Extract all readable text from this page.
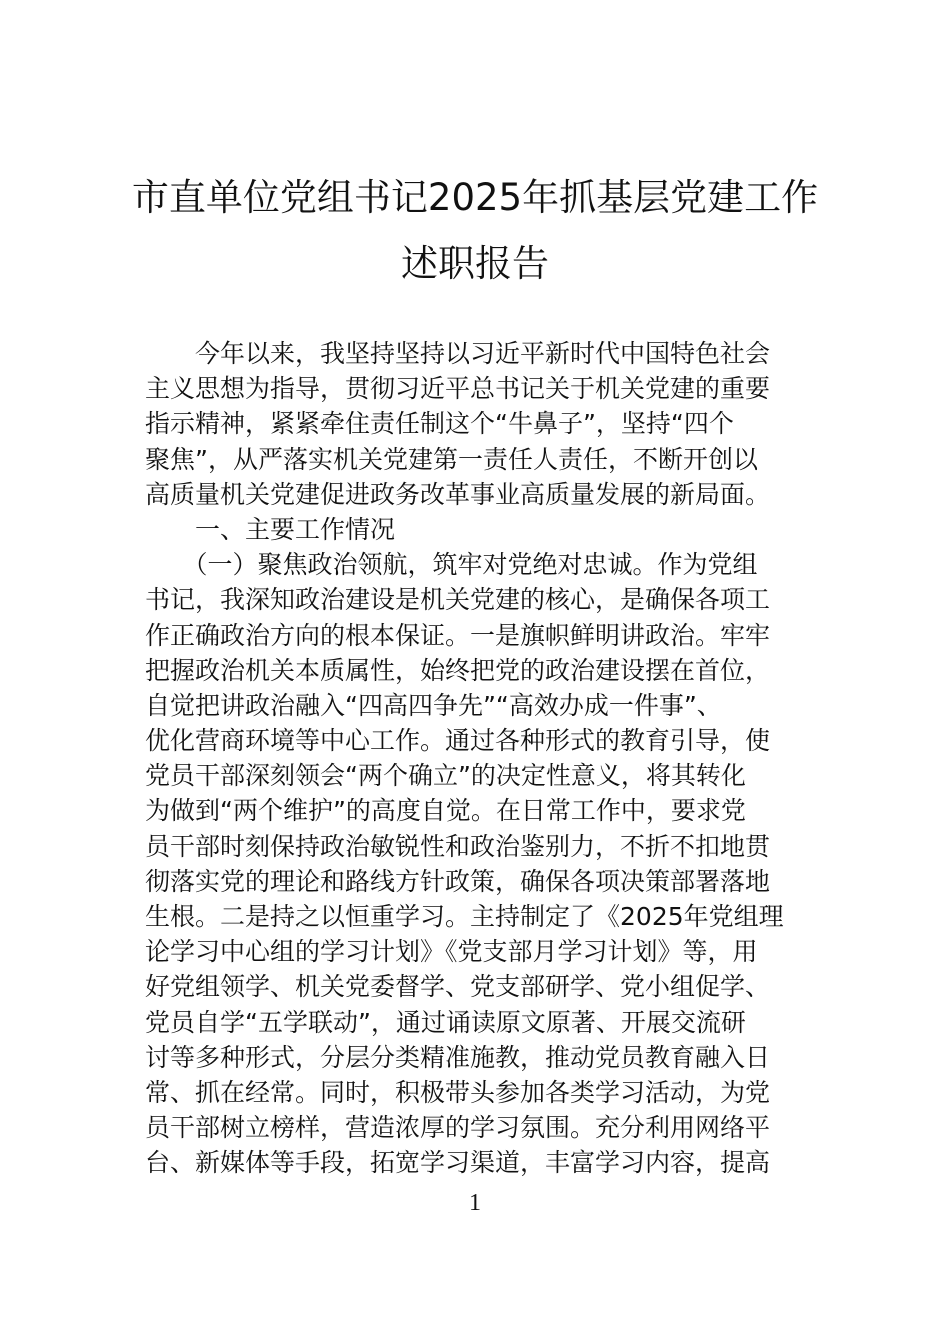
市直单位党组书记2025年抓基层党建工作
述职报告
　　今年以来，我坚持坚持以习近平新时代中国特色社会
主义思想为指导，贯彻习近平总书记关于机关党建的重要
指示精神，紧紧牵住责任制这个“牛鼻子”，坚持“四个
聚焦”，从严落实机关党建第一责任人责任，不断开创以
高质量机关党建促进政务改革事业高质量发展的新局面。
　　一、主要工作情况
　　（一）聚焦政治领航，筑牢对党绝对忠诚。作为党组
书记，我深知政治建设是机关党建的核心，是确保各项工
作正确政治方向的根本保证。一是旗帜鲜明讲政治。牢牢
把握政治机关本质属性，始终把党的政治建设摆在首位，
自觉把讲政治融入“四高四争先”“高效办成一件事”、
优化营商环境等中心工作。通过各种形式的教育引导，使
党员干部深刻领会“两个确立”的决定性意义，将其转化
为做到“两个维护”的高度自觉。在日常工作中，要求党
员干部时刻保持政治敏锐性和政治鉴别力，不折不扣地贯
彻落实党的理论和路线方针政策，确保各项决策部署落地
生根。二是持之以恒重学习。主持制定了《2025年党组理
论学习中心组的学习计划》《党支部月学习计划》等，用
好党组领学、机关党委督学、党支部研学、党小组促学、
党员自学“五学联动”，通过诵读原文原著、开展交流研
讨等多种形式，分层分类精准施教，推动党员教育融入日
常、抓在经常。同时，积极带头参加各类学习活动，为党
员干部树立榜样，营造浓厚的学习氛围。充分利用网络平
台、新媒体等手段，拓宽学习渠道，丰富学习内容，提高
1
